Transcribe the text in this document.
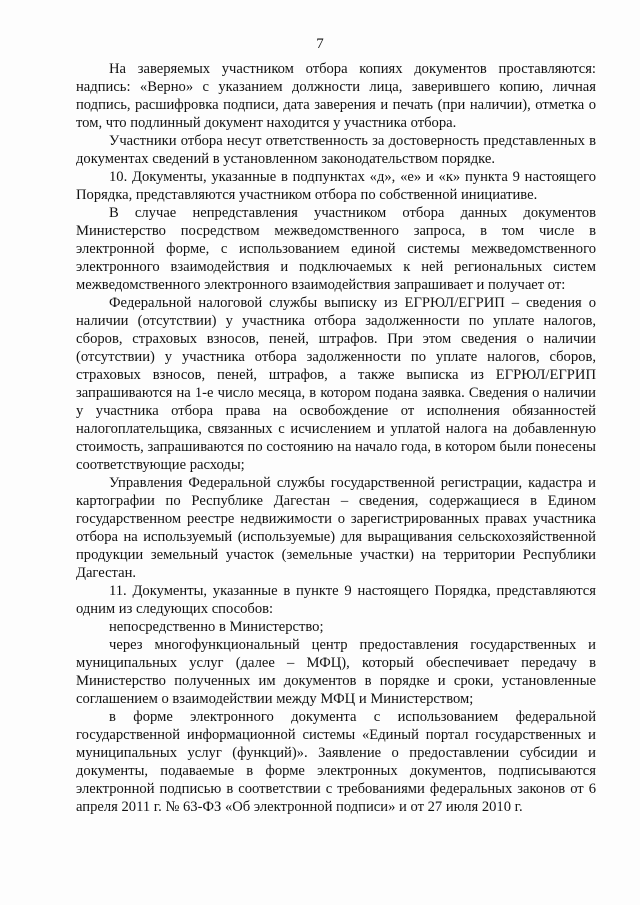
7

На заверяемых участником отбора копиях документов проставляются: надпись: «Верно» с указанием должности лица, заверившего копию, личная подпись, расшифровка подписи, дата заверения и печать (при наличии), отметка о том, что подлинный документ находится у участника отбора.

Участники отбора несут ответственность за достоверность представленных в документах сведений в установленном законодательством порядке.

10. Документы, указанные в подпунктах «д», «е» и «к» пункта 9 настоящего Порядка, представляются участником отбора по собственной инициативе.

В случае непредставления участником отбора данных документов Министерство посредством межведомственного запроса, в том числе в электронной форме, с использованием единой системы межведомственного электронного взаимодействия и подключаемых к ней региональных систем межведомственного электронного взаимодействия запрашивает и получает от:

Федеральной налоговой службы выписку из ЕГРЮЛ/ЕГРИП – сведения о наличии (отсутствии) у участника отбора задолженности по уплате налогов, сборов, страховых взносов, пеней, штрафов. При этом сведения о наличии (отсутствии) у участника отбора задолженности по уплате налогов, сборов, страховых взносов, пеней, штрафов, а также выписка из ЕГРЮЛ/ЕГРИП запрашиваются на 1-е число месяца, в котором подана заявка. Сведения о наличии у участника отбора права на освобождение от исполнения обязанностей налогоплательщика, связанных с исчислением и уплатой налога на добавленную стоимость, запрашиваются по состоянию на начало года, в котором были понесены соответствующие расходы;

Управления Федеральной службы государственной регистрации, кадастра и картографии по Республике Дагестан – сведения, содержащиеся в Едином государственном реестре недвижимости о зарегистрированных правах участника отбора на используемый (используемые) для выращивания сельскохозяйственной продукции земельный участок (земельные участки) на территории Республики Дагестан.

11. Документы, указанные в пункте 9 настоящего Порядка, представляются одним из следующих способов:

непосредственно в Министерство;

через многофункциональный центр предоставления государственных и муниципальных услуг (далее – МФЦ), который обеспечивает передачу в Министерство полученных им документов в порядке и сроки, установленные соглашением о взаимодействии между МФЦ и Министерством;

в форме электронного документа с использованием федеральной государственной информационной системы «Единый портал государственных и муниципальных услуг (функций)». Заявление о предоставлении субсидии и документы, подаваемые в форме электронных документов, подписываются электронной подписью в соответствии с требованиями федеральных законов от 6 апреля 2011 г. № 63-ФЗ «Об электронной подписи» и от 27 июля 2010 г.
